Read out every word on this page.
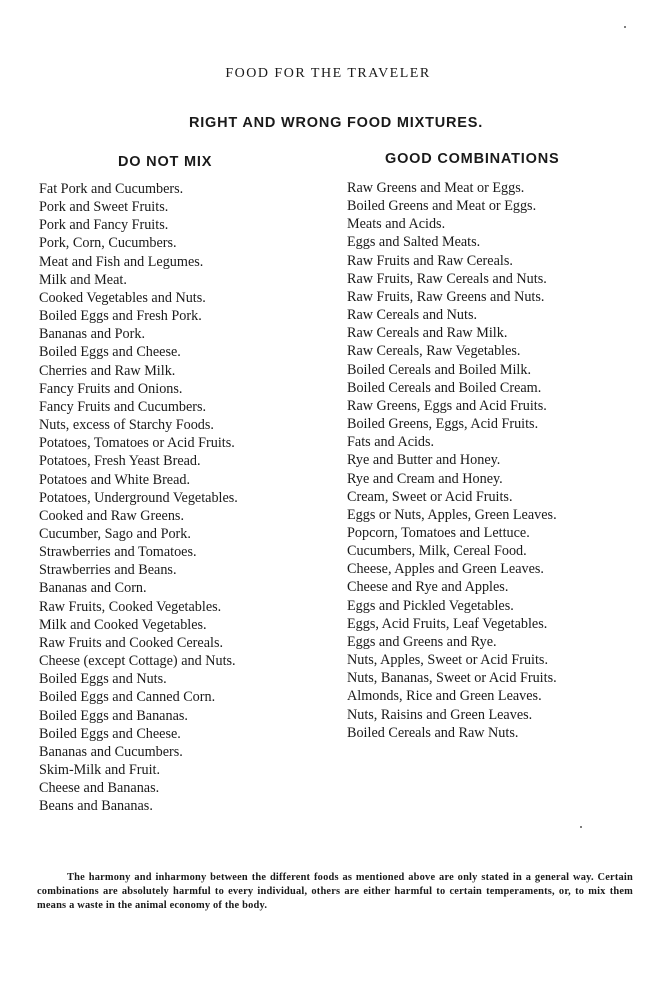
FOOD FOR THE TRAVELER
RIGHT AND WRONG FOOD MIXTURES.
DO NOT MIX	GOOD COMBINATIONS
Fat Pork and Cucumbers.
Pork and Sweet Fruits.
Pork and Fancy Fruits.
Pork, Corn, Cucumbers.
Meat and Fish and Legumes.
Milk and Meat.
Cooked Vegetables and Nuts.
Boiled Eggs and Fresh Pork.
Bananas and Pork.
Boiled Eggs and Cheese.
Cherries and Raw Milk.
Fancy Fruits and Onions.
Fancy Fruits and Cucumbers.
Nuts, excess of Starchy Foods.
Potatoes, Tomatoes or Acid Fruits.
Potatoes, Fresh Yeast Bread.
Potatoes and White Bread.
Potatoes, Underground Vegetables.
Cooked and Raw Greens.
Cucumber, Sago and Pork.
Strawberries and Tomatoes.
Strawberries and Beans.
Bananas and Corn.
Raw Fruits, Cooked Vegetables.
Milk and Cooked Vegetables.
Raw Fruits and Cooked Cereals.
Cheese (except Cottage) and Nuts.
Boiled Eggs and Nuts.
Boiled Eggs and Canned Corn.
Boiled Eggs and Bananas.
Boiled Eggs and Cheese.
Bananas and Cucumbers.
Skim-Milk and Fruit.
Cheese and Bananas.
Beans and Bananas.
Raw Greens and Meat or Eggs.
Boiled Greens and Meat or Eggs.
Meats and Acids.
Eggs and Salted Meats.
Raw Fruits and Raw Cereals.
Raw Fruits, Raw Cereals and Nuts.
Raw Fruits, Raw Greens and Nuts.
Raw Cereals and Nuts.
Raw Cereals and Raw Milk.
Raw Cereals, Raw Vegetables.
Boiled Cereals and Boiled Milk.
Boiled Cereals and Boiled Cream.
Raw Greens, Eggs and Acid Fruits.
Boiled Greens, Eggs, Acid Fruits.
Fats and Acids.
Rye and Butter and Honey.
Rye and Cream and Honey.
Cream, Sweet or Acid Fruits.
Eggs or Nuts, Apples, Green Leaves.
Popcorn, Tomatoes and Lettuce.
Cucumbers, Milk, Cereal Food.
Cheese, Apples and Green Leaves.
Cheese and Rye and Apples.
Eggs and Pickled Vegetables.
Eggs, Acid Fruits, Leaf Vegetables.
Eggs and Greens and Rye.
Nuts, Apples, Sweet or Acid Fruits.
Nuts, Bananas, Sweet or Acid Fruits.
Almonds, Rice and Green Leaves.
Nuts, Raisins and Green Leaves.
Boiled Cereals and Raw Nuts.

The harmony and inharmony between the different foods as mentioned above are only stated in a general way. Certain combinations are absolutely harmful to every individual, others are either harmful to certain temperaments, or, to mix them means a waste in the animal economy of the body.
